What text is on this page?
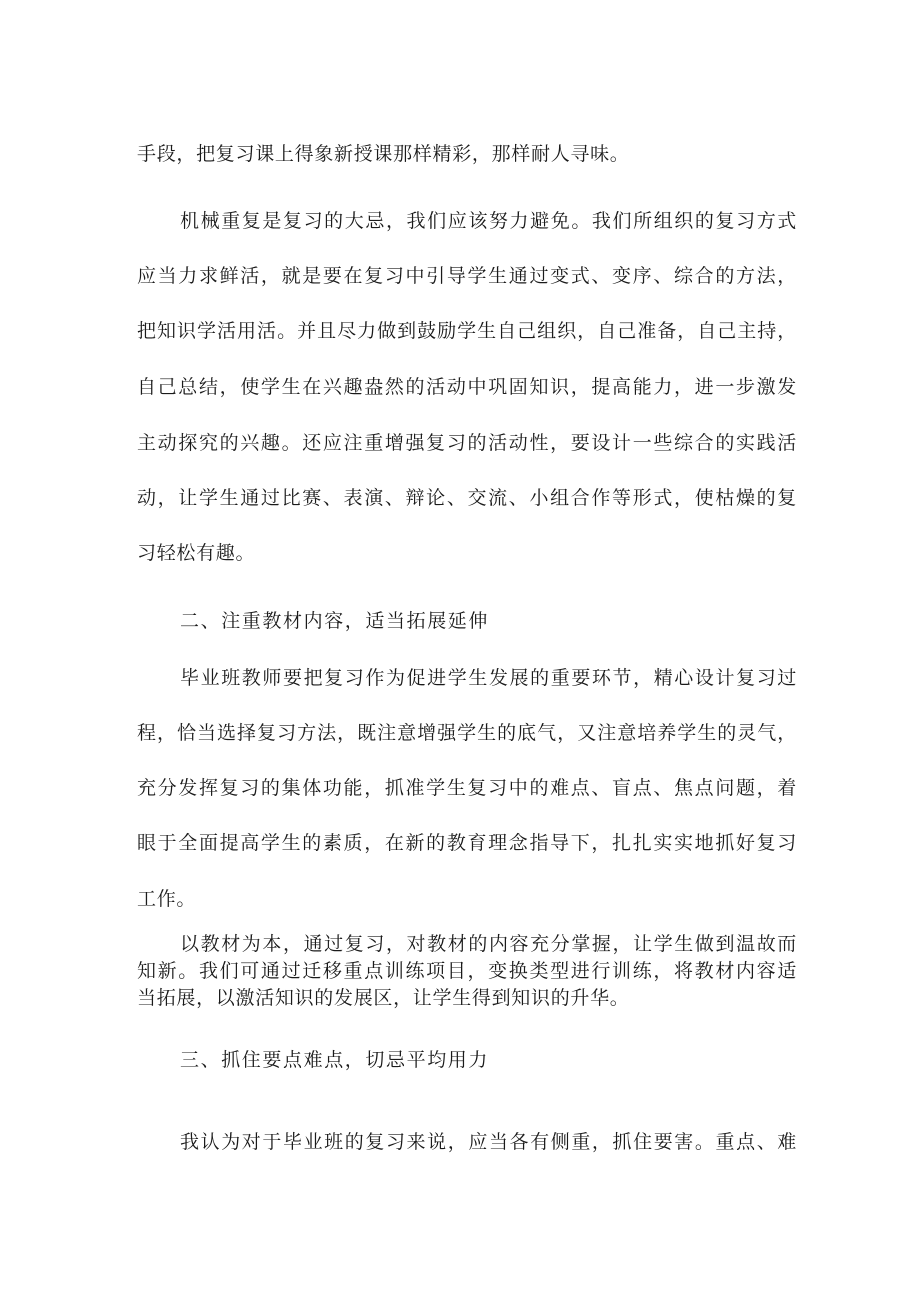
手段，把复习课上得象新授课那样精彩，那样耐人寻味。
机械重复是复习的大忌，我们应该努力避免。我们所组织的复习方式
应当力求鲜活，就是要在复习中引导学生通过变式、变序、综合的方法，
把知识学活用活。并且尽力做到鼓励学生自己组织，自己准备，自己主持，
自己总结，使学生在兴趣盎然的活动中巩固知识，提高能力，进一步激发
主动探究的兴趣。还应注重增强复习的活动性，要设计一些综合的实践活
动，让学生通过比赛、表演、辩论、交流、小组合作等形式，使枯燥的复
习轻松有趣。
二、注重教材内容，适当拓展延伸
毕业班教师要把复习作为促进学生发展的重要环节，精心设计复习过
程，恰当选择复习方法，既注意增强学生的底气，又注意培养学生的灵气，
充分发挥复习的集体功能，抓准学生复习中的难点、盲点、焦点问题，着
眼于全面提高学生的素质，在新的教育理念指导下，扎扎实实地抓好复习
工作。
以教材为本，通过复习，对教材的内容充分掌握，让学生做到温故而
知新。我们可通过迁移重点训练项目，变换类型进行训练，将教材内容适
当拓展，以激活知识的发展区，让学生得到知识的升华。
三、抓住要点难点，切忌平均用力
我认为对于毕业班的复习来说，应当各有侧重，抓住要害。重点、难
